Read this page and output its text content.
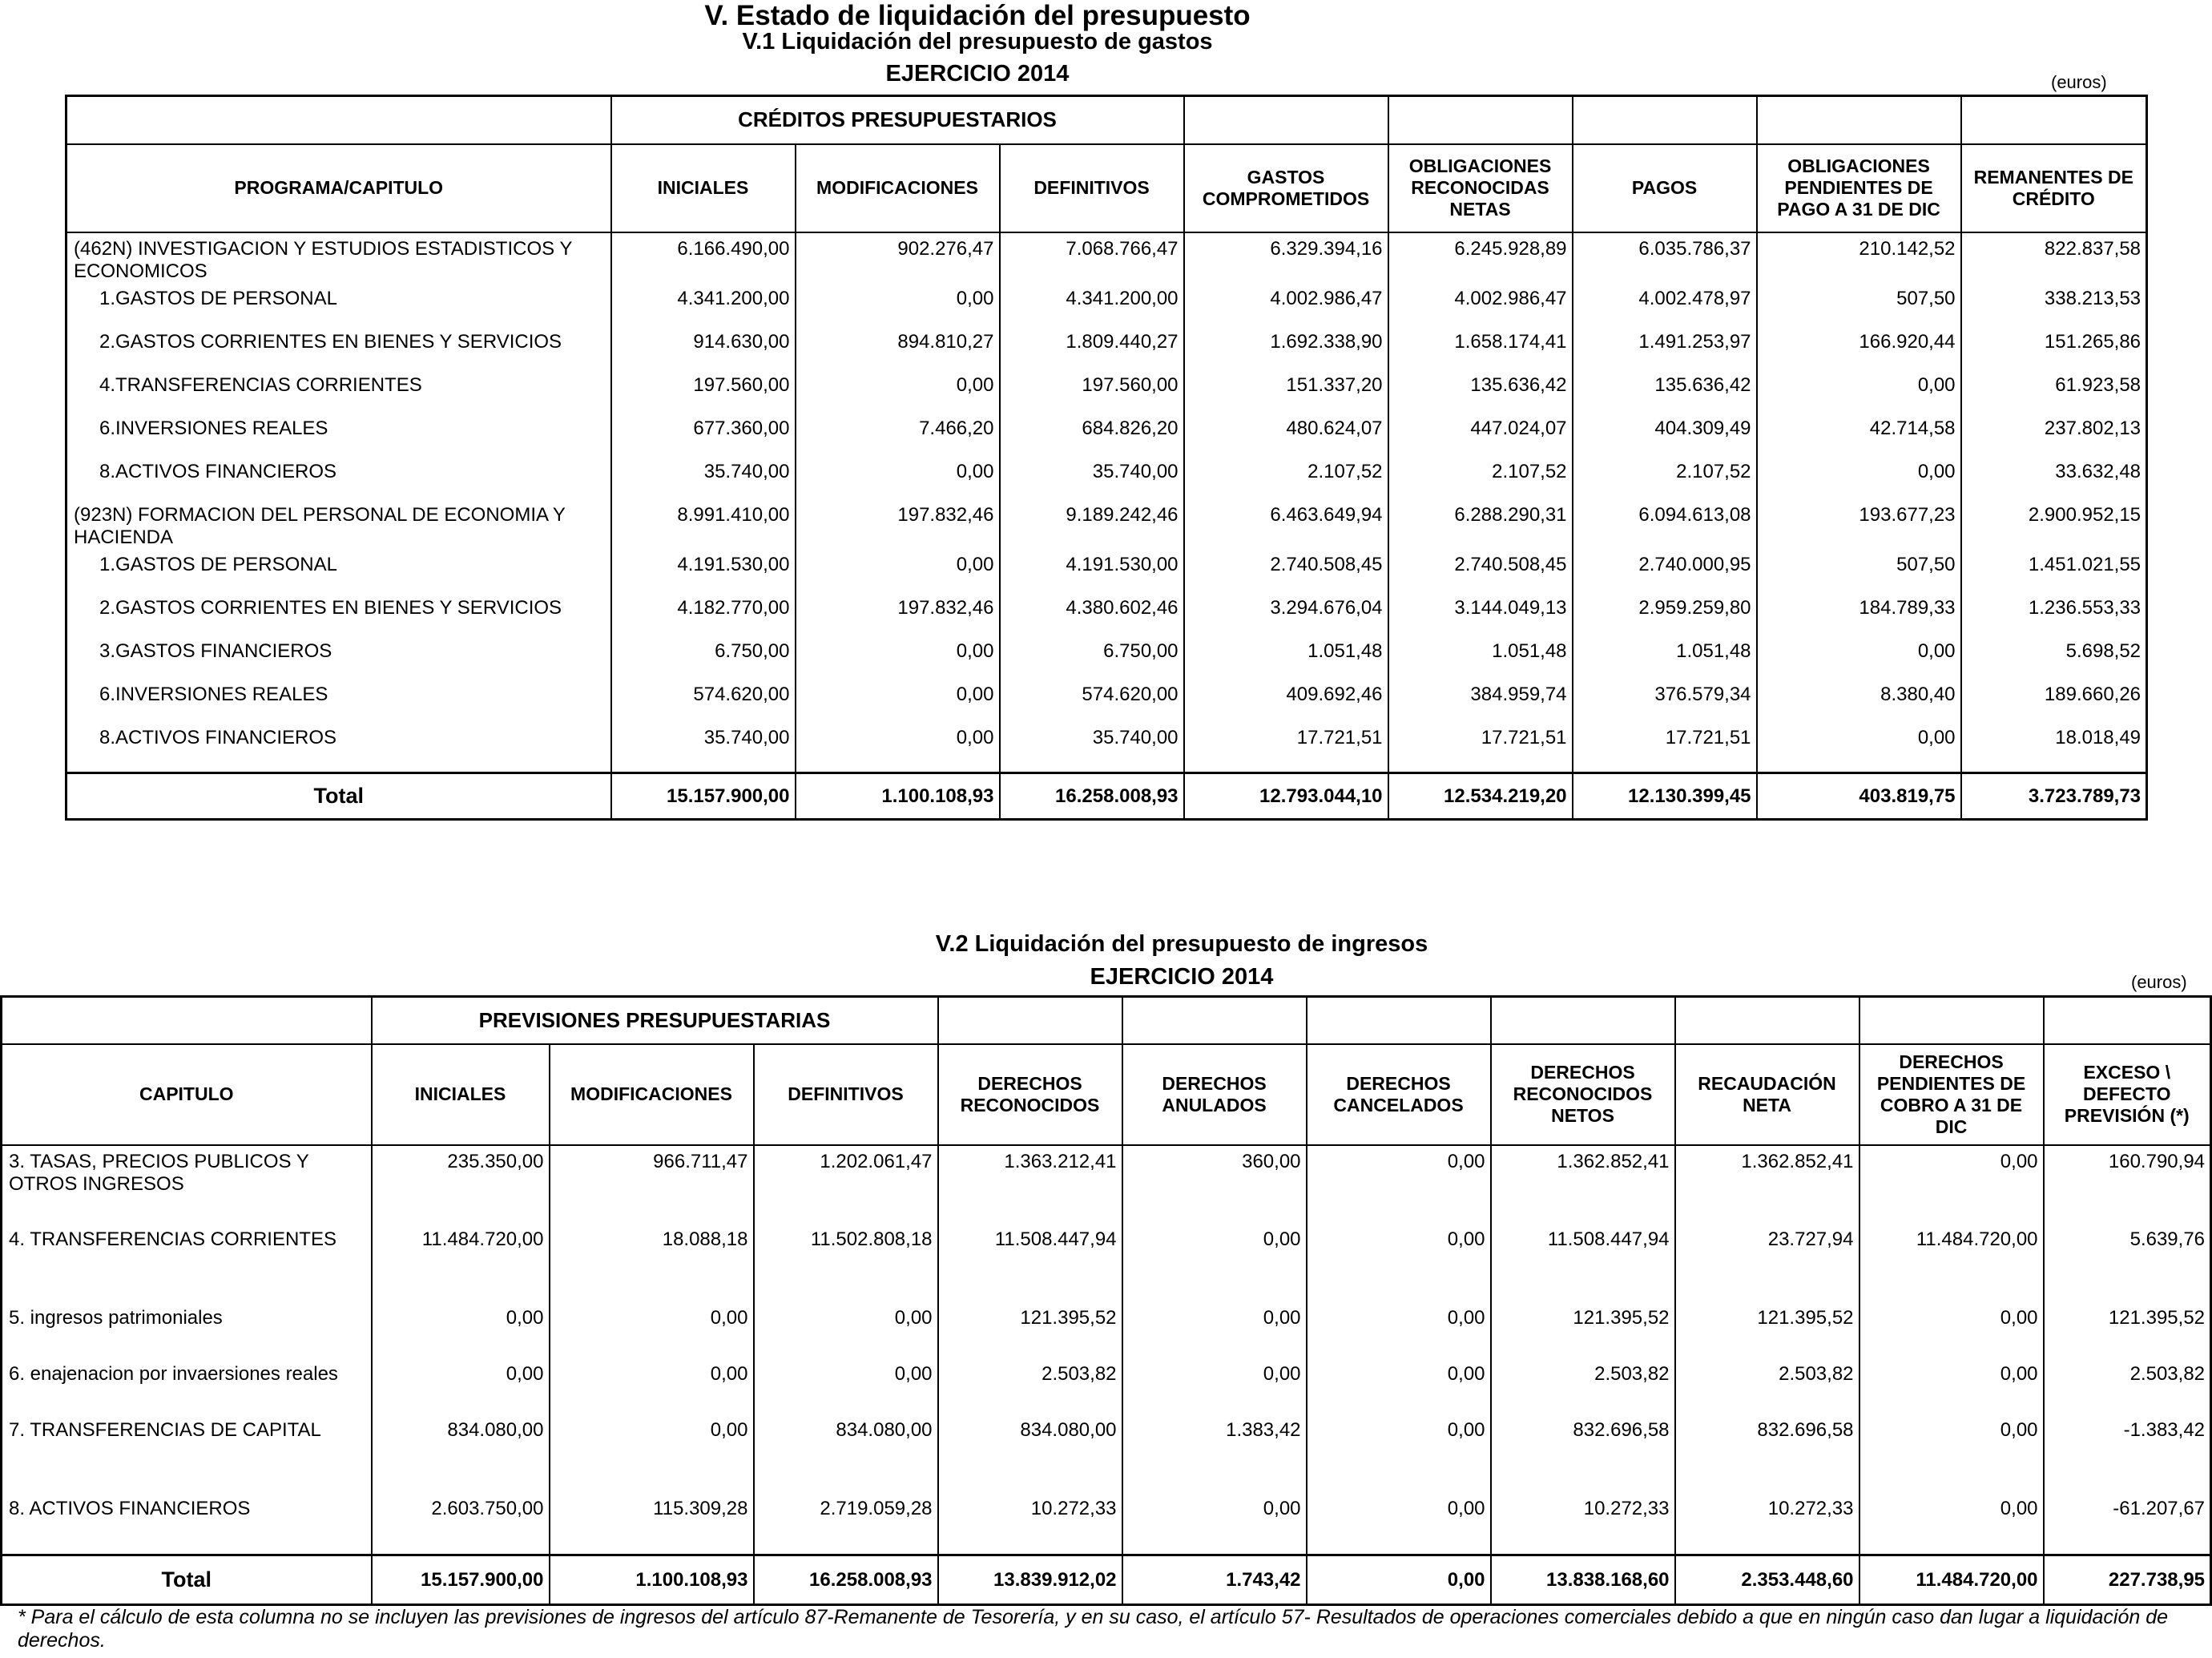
V. Estado de liquidación del presupuesto
V.1 Liquidación del presupuesto de gastos
EJERCICIO 2014	(euros)
	CRÉDITOS PRESUPUESTARIOS							
PROGRAMA/CAPITULO	INICIALES	MODIFICACIONES	DEFINITIVOS	GASTOS COMPROMETIDOS	OBLIGACIONES RECONOCIDAS NETAS	PAGOS	OBLIGACIONES PENDIENTES DE PAGO A 31 DE DIC	REMANENTES DE CRÉDITO
(462N) INVESTIGACION Y ESTUDIOS ESTADISTICOS Y ECONOMICOS	6.166.490,00	902.276,47	7.068.766,47	6.329.394,16	6.245.928,89	6.035.786,37	210.142,52	822.837,58
1.GASTOS DE PERSONAL	4.341.200,00	0,00	4.341.200,00	4.002.986,47	4.002.986,47	4.002.478,97	507,50	338.213,53
2.GASTOS CORRIENTES EN BIENES Y SERVICIOS	914.630,00	894.810,27	1.809.440,27	1.692.338,90	1.658.174,41	1.491.253,97	166.920,44	151.265,86
4.TRANSFERENCIAS CORRIENTES	197.560,00	0,00	197.560,00	151.337,20	135.636,42	135.636,42	0,00	61.923,58
6.INVERSIONES REALES	677.360,00	7.466,20	684.826,20	480.624,07	447.024,07	404.309,49	42.714,58	237.802,13
8.ACTIVOS FINANCIEROS	35.740,00	0,00	35.740,00	2.107,52	2.107,52	2.107,52	0,00	33.632,48
(923N) FORMACION DEL PERSONAL DE ECONOMIA Y HACIENDA	8.991.410,00	197.832,46	9.189.242,46	6.463.649,94	6.288.290,31	6.094.613,08	193.677,23	2.900.952,15
1.GASTOS DE PERSONAL	4.191.530,00	0,00	4.191.530,00	2.740.508,45	2.740.508,45	2.740.000,95	507,50	1.451.021,55
2.GASTOS CORRIENTES EN BIENES Y SERVICIOS	4.182.770,00	197.832,46	4.380.602,46	3.294.676,04	3.144.049,13	2.959.259,80	184.789,33	1.236.553,33
3.GASTOS FINANCIEROS	6.750,00	0,00	6.750,00	1.051,48	1.051,48	1.051,48	0,00	5.698,52
6.INVERSIONES REALES	574.620,00	0,00	574.620,00	409.692,46	384.959,74	376.579,34	8.380,40	189.660,26
8.ACTIVOS FINANCIEROS	35.740,00	0,00	35.740,00	17.721,51	17.721,51	17.721,51	0,00	18.018,49
Total	15.157.900,00	1.100.108,93	16.258.008,93	12.793.044,10	12.534.219,20	12.130.399,45	403.819,75	3.723.789,73
V.2 Liquidación del presupuesto de ingresos
EJERCICIO 2014	(euros)
	PREVISIONES PRESUPUESTARIAS									
CAPITULO	INICIALES	MODIFICACIONES	DEFINITIVOS	DERECHOS RECONOCIDOS	DERECHOS ANULADOS	DERECHOS CANCELADOS	DERECHOS RECONOCIDOS NETOS	RECAUDACIÓN NETA	DERECHOS PENDIENTES DE COBRO A 31 DE DIC	EXCESO \ DEFECTO PREVISIÓN (*)
3. TASAS, PRECIOS PUBLICOS Y OTROS INGRESOS	235.350,00	966.711,47	1.202.061,47	1.363.212,41	360,00	0,00	1.362.852,41	1.362.852,41	0,00	160.790,94
4. TRANSFERENCIAS CORRIENTES	11.484.720,00	18.088,18	11.502.808,18	11.508.447,94	0,00	0,00	11.508.447,94	23.727,94	11.484.720,00	5.639,76
5. ingresos patrimoniales	0,00	0,00	0,00	121.395,52	0,00	0,00	121.395,52	121.395,52	0,00	121.395,52
6. enajenacion por invaersiones reales	0,00	0,00	0,00	2.503,82	0,00	0,00	2.503,82	2.503,82	0,00	2.503,82
7. TRANSFERENCIAS DE CAPITAL	834.080,00	0,00	834.080,00	834.080,00	1.383,42	0,00	832.696,58	832.696,58	0,00	-1.383,42
8. ACTIVOS FINANCIEROS	2.603.750,00	115.309,28	2.719.059,28	10.272,33	0,00	0,00	10.272,33	10.272,33	0,00	-61.207,67
Total	15.157.900,00	1.100.108,93	16.258.008,93	13.839.912,02	1.743,42	0,00	13.838.168,60	2.353.448,60	11.484.720,00	227.738,95
* Para el cálculo de esta columna no se incluyen las previsiones de ingresos del artículo 87-Remanente de Tesorería, y en su caso, el artículo 57- Resultados de operaciones comerciales debido a que en ningún caso dan lugar a liquidación de derechos.
